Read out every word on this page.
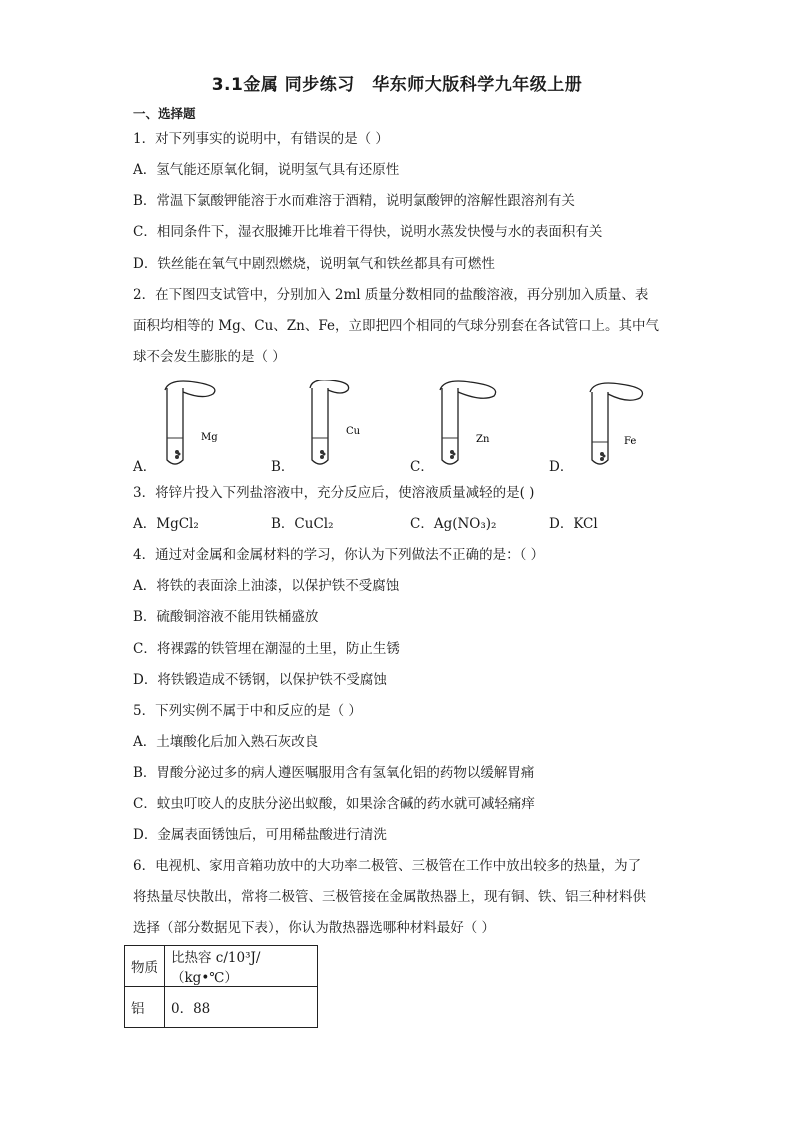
3.1金属 同步练习　华东师大版科学九年级上册
一、选择题
1．对下列事实的说明中，有错误的是（ ）
A．氢气能还原氧化铜，说明氢气具有还原性
B．常温下氯酸钾能溶于水而难溶于酒精，说明氯酸钾的溶解性跟溶剂有关
C．相同条件下，湿衣服摊开比堆着干得快，说明水蒸发快慢与水的表面积有关
D．铁丝能在氧气中剧烈燃烧，说明氧气和铁丝都具有可燃性
2．在下图四支试管中，分别加入 2ml 质量分数相同的盐酸溶液，再分别加入质量、表
面积均相等的 Mg、Cu、Zn、Fe，立即把四个相同的气球分别套在各试管口上。其中气
球不会发生膨胀的是（ ）
Mg
Cu
Zn	Fe
A．	B．	C．	D．
3．将锌片投入下列盐溶液中，充分反应后，使溶液质量减轻的是( )
A．MgCl₂	B．CuCl₂	C．Ag(NO₃)₂	D．KCl
4．通过对金属和金属材料的学习，你认为下列做法不正确的是：（ ）
A．将铁的表面涂上油漆，以保护铁不受腐蚀
B．硫酸铜溶液不能用铁桶盛放
C．将裸露的铁管埋在潮湿的土里，防止生锈
D．将铁锻造成不锈钢，以保护铁不受腐蚀
5．下列实例不属于中和反应的是（ ）
A．土壤酸化后加入熟石灰改良
B．胃酸分泌过多的病人遵医嘱服用含有氢氧化铝的药物以缓解胃痛
C．蚊虫叮咬人的皮肤分泌出蚁酸，如果涂含碱的药水就可减轻痛痒
D．金属表面锈蚀后，可用稀盐酸进行清洗
6．电视机、家用音箱功放中的大功率二极管、三极管在工作中放出较多的热量，为了
将热量尽快散出，常将二极管、三极管接在金属散热器上，现有铜、铁、铝三种材料供
选择（部分数据见下表），你认为散热器选哪种材料最好（ ）
物质	比热容 c/10³J/（kg•℃）
铝	0．88
